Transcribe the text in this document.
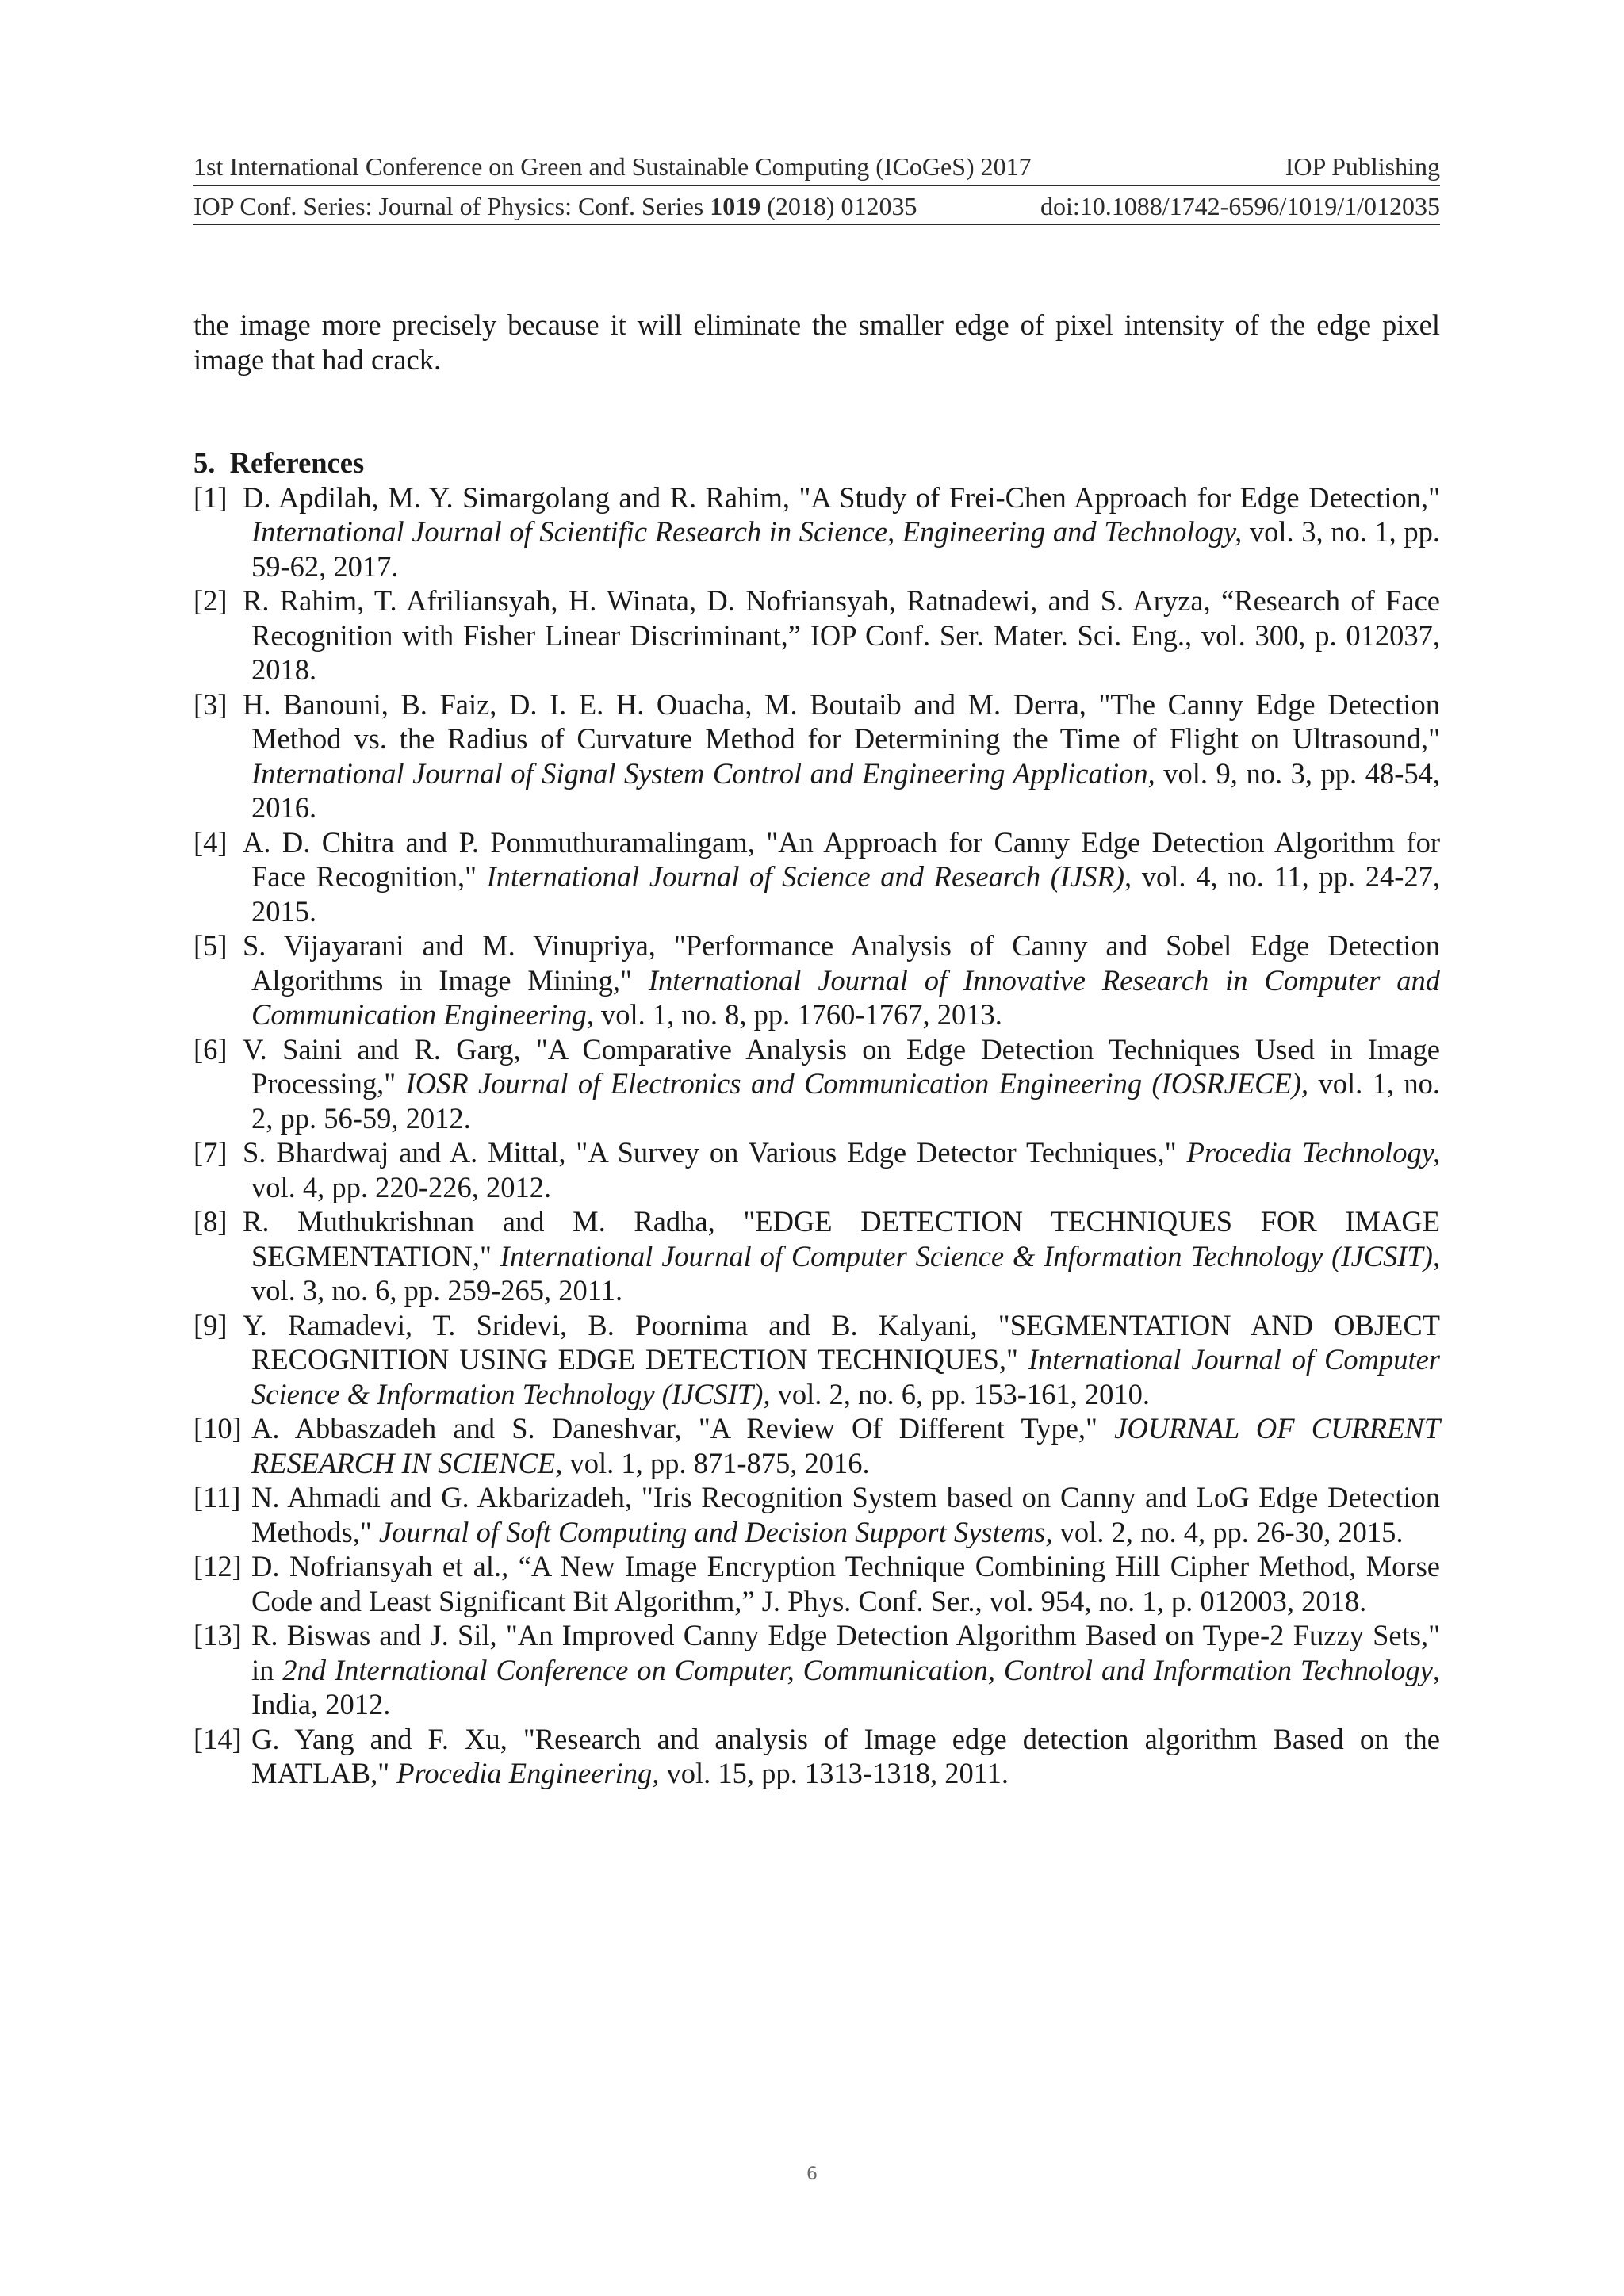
1st International Conference on Green and Sustainable Computing (ICoGeS) 2017	IOP Publishing
IOP Conf. Series: Journal of Physics: Conf. Series 1019 (2018) 012035	doi:10.1088/1742-6596/1019/1/012035

the image more precisely because it will eliminate the smaller edge of pixel intensity of the edge pixel image that had crack.

5. References
[1] D. Apdilah, M. Y. Simargolang and R. Rahim, "A Study of Frei-Chen Approach for Edge Detection," International Journal of Scientific Research in Science, Engineering and Technology, vol. 3, no. 1, pp. 59-62, 2017.
[2] R. Rahim, T. Afriliansyah, H. Winata, D. Nofriansyah, Ratnadewi, and S. Aryza, “Research of Face Recognition with Fisher Linear Discriminant,” IOP Conf. Ser. Mater. Sci. Eng., vol. 300, p. 012037, 2018.
[3] H. Banouni, B. Faiz, D. I. E. H. Ouacha, M. Boutaib and M. Derra, "The Canny Edge Detection Method vs. the Radius of Curvature Method for Determining the Time of Flight on Ultrasound," International Journal of Signal System Control and Engineering Application, vol. 9, no. 3, pp. 48-54, 2016.
[4] A. D. Chitra and P. Ponmuthuramalingam, "An Approach for Canny Edge Detection Algorithm for Face Recognition," International Journal of Science and Research (IJSR), vol. 4, no. 11, pp. 24-27, 2015.
[5] S. Vijayarani and M. Vinupriya, "Performance Analysis of Canny and Sobel Edge Detection Algorithms in Image Mining," International Journal of Innovative Research in Computer and Communication Engineering, vol. 1, no. 8, pp. 1760-1767, 2013.
[6] V. Saini and R. Garg, "A Comparative Analysis on Edge Detection Techniques Used in Image Processing," IOSR Journal of Electronics and Communication Engineering (IOSRJECE), vol. 1, no. 2, pp. 56-59, 2012.
[7] S. Bhardwaj and A. Mittal, "A Survey on Various Edge Detector Techniques," Procedia Technology, vol. 4, pp. 220-226, 2012.
[8] R. Muthukrishnan and M. Radha, "EDGE DETECTION TECHNIQUES FOR IMAGE SEGMENTATION," International Journal of Computer Science & Information Technology (IJCSIT), vol. 3, no. 6, pp. 259-265, 2011.
[9] Y. Ramadevi, T. Sridevi, B. Poornima and B. Kalyani, "SEGMENTATION AND OBJECT RECOGNITION USING EDGE DETECTION TECHNIQUES," International Journal of Computer Science & Information Technology (IJCSIT), vol. 2, no. 6, pp. 153-161, 2010.
[10] A. Abbaszadeh and S. Daneshvar, "A Review Of Different Type," JOURNAL OF CURRENT RESEARCH IN SCIENCE, vol. 1, pp. 871-875, 2016.
[11] N. Ahmadi and G. Akbarizadeh, "Iris Recognition System based on Canny and LoG Edge Detection Methods," Journal of Soft Computing and Decision Support Systems, vol. 2, no. 4, pp. 26-30, 2015.
[12] D. Nofriansyah et al., “A New Image Encryption Technique Combining Hill Cipher Method, Morse Code and Least Significant Bit Algorithm,” J. Phys. Conf. Ser., vol. 954, no. 1, p. 012003, 2018.
[13] R. Biswas and J. Sil, "An Improved Canny Edge Detection Algorithm Based on Type-2 Fuzzy Sets," in 2nd International Conference on Computer, Communication, Control and Information Technology, India, 2012.
[14] G. Yang and F. Xu, "Research and analysis of Image edge detection algorithm Based on the MATLAB," Procedia Engineering, vol. 15, pp. 1313-1318, 2011.
6
